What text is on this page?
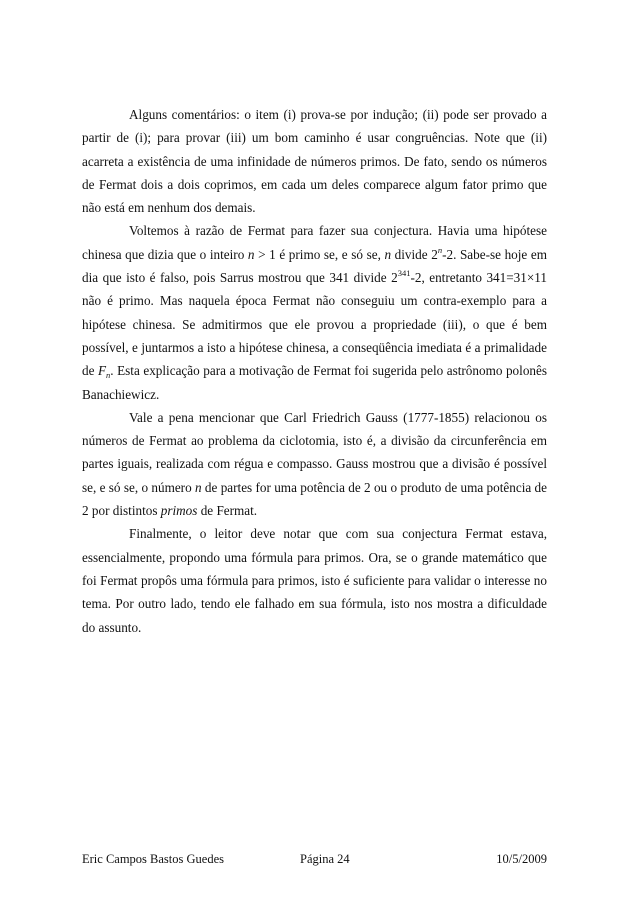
Alguns comentários: o item (i) prova-se por indução; (ii) pode ser provado a partir de (i); para provar (iii) um bom caminho é usar congruências. Note que (ii) acarreta a existência de uma infinidade de números primos. De fato, sendo os números de Fermat dois a dois coprimos, em cada um deles comparece algum fator primo que não está em nenhum dos demais.

Voltemos à razão de Fermat para fazer sua conjectura. Havia uma hipótese chinesa que dizia que o inteiro n > 1 é primo se, e só se, n divide 2$^n$-2. Sabe-se hoje em dia que isto é falso, pois Sarrus mostrou que 341 divide $2^{341}-2$, entretanto 341=31×11 não é primo. Mas naquela época Fermat não conseguiu um contra-exemplo para a hipótese chinesa. Se admitirmos que ele provou a propriedade (iii), o que é bem possível, e juntarmos a isto a hipótese chinesa, a conseqüência imediata é a primalidade de $F_n$. Esta explicação para a motivação de Fermat foi sugerida pelo astrônomo polonês Banachiewicz.

Vale a pena mencionar que Carl Friedrich Gauss (1777-1855) relacionou os números de Fermat ao problema da ciclotomia, isto é, a divisão da circunferência em partes iguais, realizada com régua e compasso. Gauss mostrou que a divisão é possível se, e só se, o número n de partes for uma potência de 2 ou o produto de uma potência de 2 por distintos primos de Fermat.

Finalmente, o leitor deve notar que com sua conjectura Fermat estava, essencialmente, propondo uma fórmula para primos. Ora, se o grande matemático que foi Fermat propôs uma fórmula para primos, isto é suficiente para validar o interesse no tema. Por outro lado, tendo ele falhado em sua fórmula, isto nos mostra a dificuldade do assunto.

Eric Campos Bastos Guedes	Página 24	10/5/2009
